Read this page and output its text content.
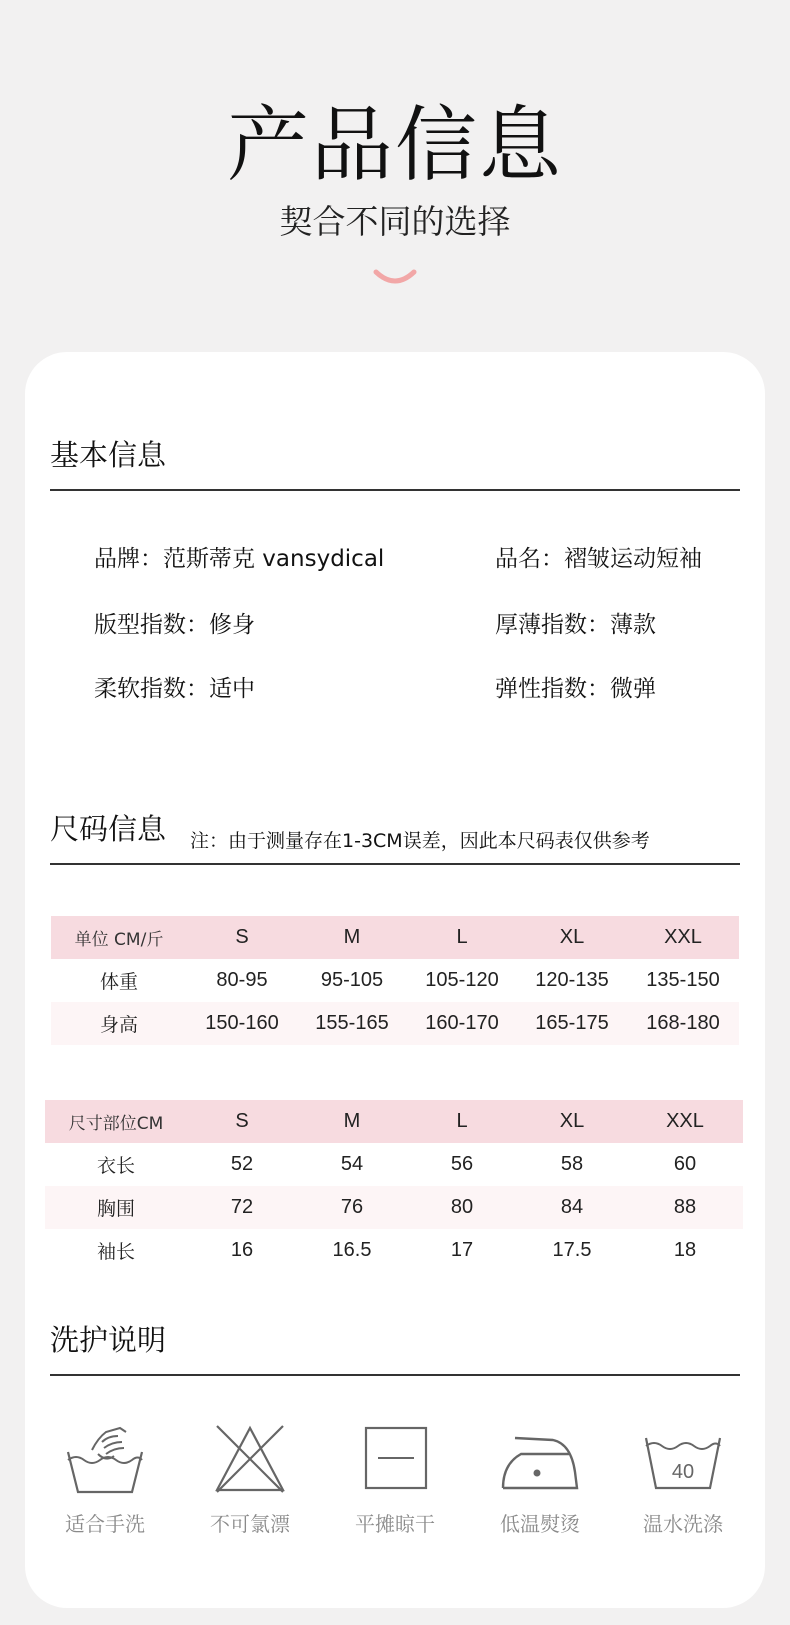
产品信息
契合不同的选择
基本信息
品牌：范斯蒂克 vansydical	品名：褶皱运动短袖
版型指数：修身	厚薄指数：薄款
柔软指数：适中	弹性指数：微弹
尺码信息 注：由于测量存在1-3CM误差，因此本尺码表仅供参考
单位 CM/斤	S	M	L	XL	XXL
体重	80-95	95-105	105-120	120-135	135-150
身高	150-160	155-165	160-170	165-175	168-180
尺寸部位CM	S	M	L	XL	XXL
衣长	52	54	56	58	60
胸围	72	76	80	84	88
袖长	16	16.5	17	17.5	18
洗护说明
适合手洗	不可氯漂	平摊晾干	低温熨烫
40
温水洗涤
